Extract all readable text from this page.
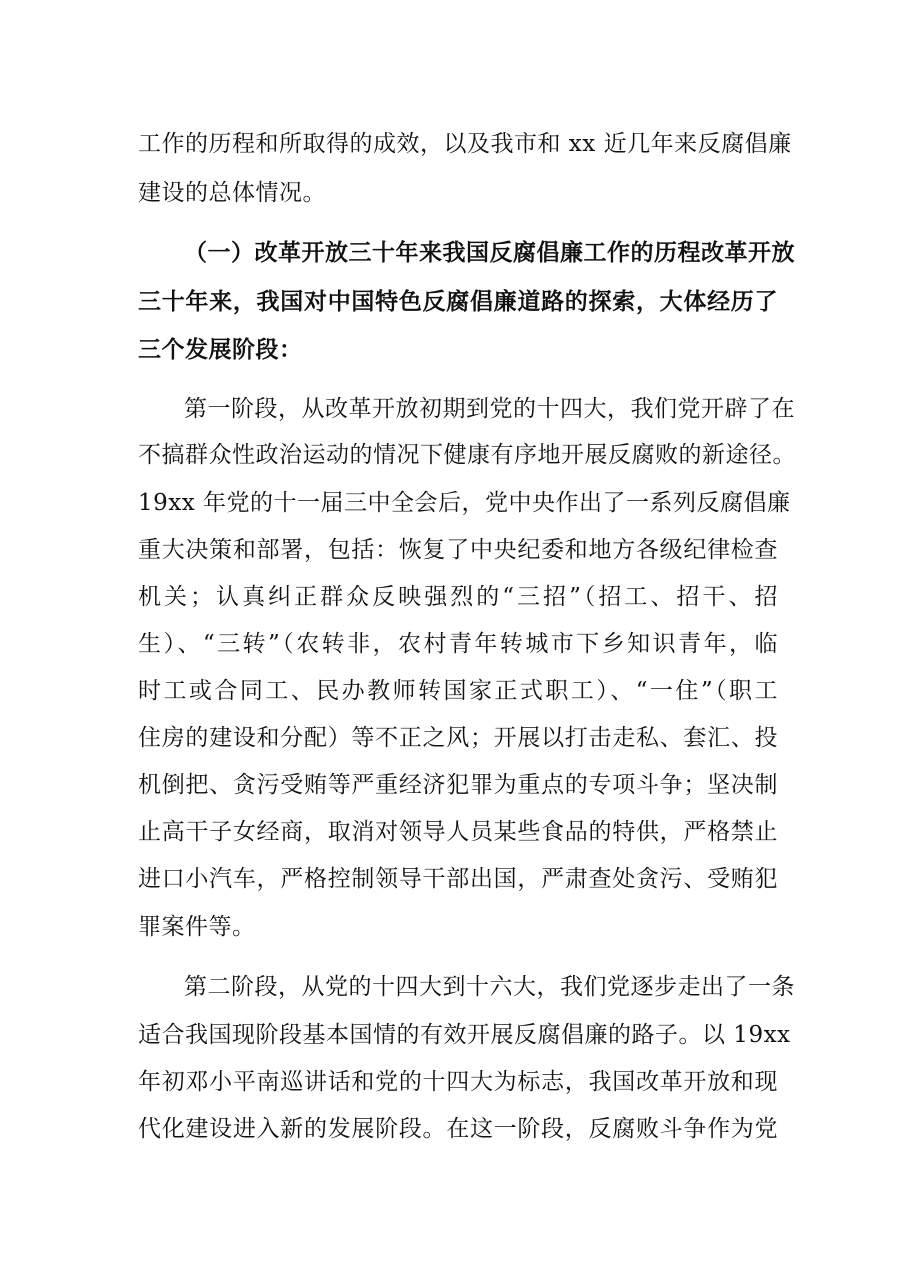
工作的历程和所取得的成效，以及我市和 xx 近几年来反腐倡廉
建设的总体情况。
（一）改革开放三十年来我国反腐倡廉工作的历程改革开放
三十年来，我国对中国特色反腐倡廉道路的探索，大体经历了
三个发展阶段：
第一阶段，从改革开放初期到党的十四大，我们党开辟了在
不搞群众性政治运动的情况下健康有序地开展反腐败的新途径。
19xx 年党的十一届三中全会后，党中央作出了一系列反腐倡廉
重大决策和部署，包括：恢复了中央纪委和地方各级纪律检查
机关；认真纠正群众反映强烈的“三招”（招工、招干、招
生）、“三转”（农转非，农村青年转城市下乡知识青年，临
时工或合同工、民办教师转国家正式职工）、“一住”（职工
住房的建设和分配）等不正之风；开展以打击走私、套汇、投
机倒把、贪污受贿等严重经济犯罪为重点的专项斗争；坚决制
止高干子女经商，取消对领导人员某些食品的特供，严格禁止
进口小汽车，严格控制领导干部出国，严肃查处贪污、受贿犯
罪案件等。
第二阶段，从党的十四大到十六大，我们党逐步走出了一条
适合我国现阶段基本国情的有效开展反腐倡廉的路子。以 19xx
年初邓小平南巡讲话和党的十四大为标志，我国改革开放和现
代化建设进入新的发展阶段。在这一阶段，反腐败斗争作为党
